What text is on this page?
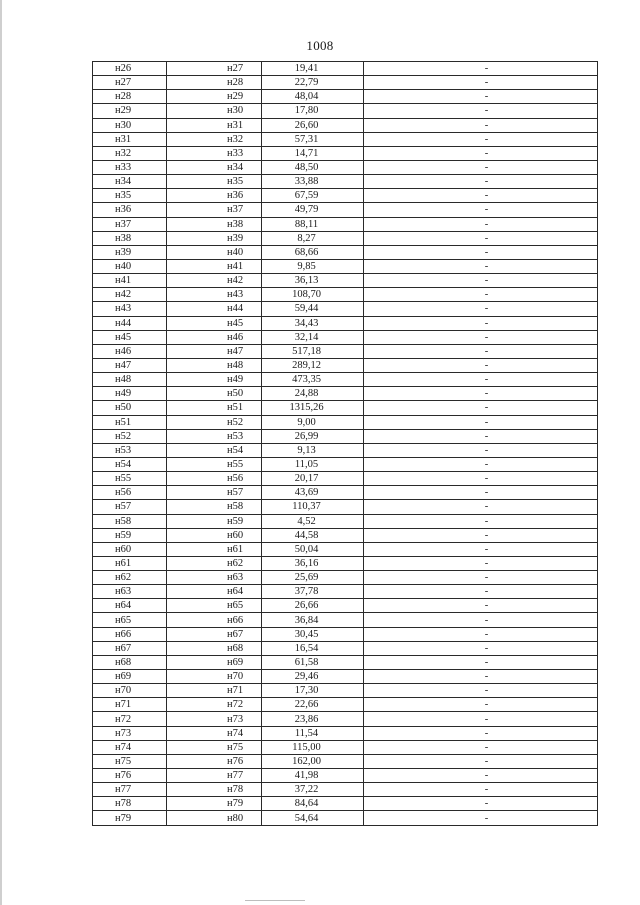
1008
н26	н27	19,41	-
н27	н28	22,79	-
н28	н29	48,04	-
н29	н30	17,80	-
н30	н31	26,60	-
н31	н32	57,31	-
н32	н33	14,71	-
н33	н34	48,50	-
н34	н35	33,88	-
н35	н36	67,59	-
н36	н37	49,79	-
н37	н38	88,11	-
н38	н39	8,27	-
н39	н40	68,66	-
н40	н41	9,85	-
н41	н42	36,13	-
н42	н43	108,70	-
н43	н44	59,44	-
н44	н45	34,43	-
н45	н46	32,14	-
н46	н47	517,18	-
н47	н48	289,12	-
н48	н49	473,35	-
н49	н50	24,88	-
н50	н51	1315,26	-
н51	н52	9,00	-
н52	н53	26,99	-
н53	н54	9,13	-
н54	н55	11,05	-
н55	н56	20,17	-
н56	н57	43,69	-
н57	н58	110,37	-
н58	н59	4,52	-
н59	н60	44,58	-
н60	н61	50,04	-
н61	н62	36,16	-
н62	н63	25,69	-
н63	н64	37,78	-
н64	н65	26,66	-
н65	н66	36,84	-
н66	н67	30,45	-
н67	н68	16,54	-
н68	н69	61,58	-
н69	н70	29,46	-
н70	н71	17,30	-
н71	н72	22,66	-
н72	н73	23,86	-
н73	н74	11,54	-
н74	н75	115,00	-
н75	н76	162,00	-
н76	н77	41,98	-
н77	н78	37,22	-
н78	н79	84,64	-
н79	н80	54,64	-
